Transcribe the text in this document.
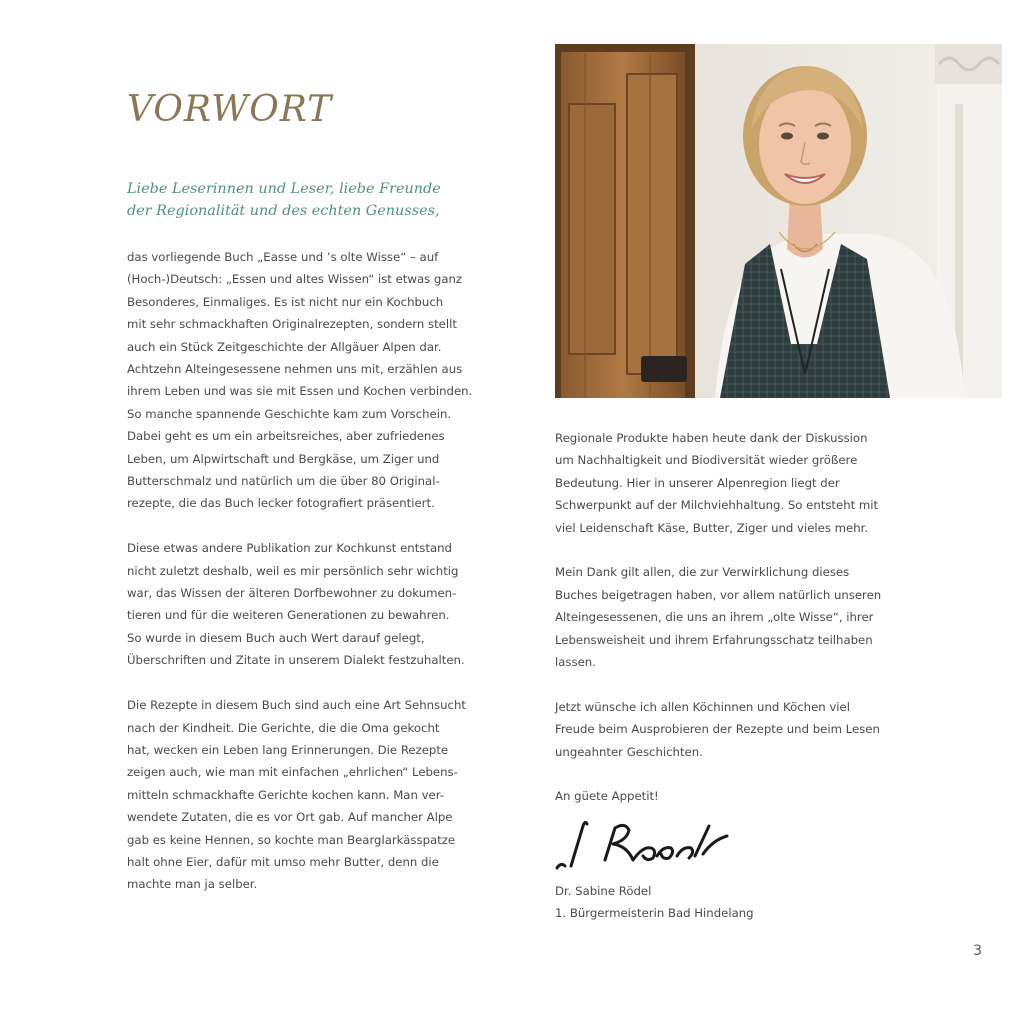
VORWORT
Liebe Leserinnen und Leser, liebe Freunde
der Regionalität und des echten Genusses,

das vorliegende Buch „Easse und ’s olte Wisse“ – auf
(Hoch-)Deutsch: „Essen und altes Wissen“ ist etwas ganz
Besonderes, Einmaliges. Es ist nicht nur ein Kochbuch
mit sehr schmackhaften Originalrezepten, sondern stellt
auch ein Stück Zeitgeschichte der Allgäuer Alpen dar.
Achtzehn Alteingesessene nehmen uns mit, erzählen aus
ihrem Leben und was sie mit Essen und Kochen verbinden.
So manche spannende Geschichte kam zum Vorschein.
Dabei geht es um ein arbeitsreiches, aber zufriedenes
Leben, um Alpwirtschaft und Bergkäse, um Ziger und
Butterschmalz und natürlich um die über 80 Original-
rezepte, die das Buch lecker fotografiert präsentiert.

Diese etwas andere Publikation zur Kochkunst entstand
nicht zuletzt deshalb, weil es mir persönlich sehr wichtig
war, das Wissen der älteren Dorfbewohner zu dokumen-
tieren und für die weiteren Generationen zu bewahren.
So wurde in diesem Buch auch Wert darauf gelegt,
Überschriften und Zitate in unserem Dialekt festzuhalten.

Die Rezepte in diesem Buch sind auch eine Art Sehnsucht
nach der Kindheit. Die Gerichte, die die Oma gekocht
hat, wecken ein Leben lang Erinnerungen. Die Rezepte
zeigen auch, wie man mit einfachen „ehrlichen“ Lebens-
mitteln schmackhafte Gerichte kochen kann. Man ver-
wendete Zutaten, die es vor Ort gab. Auf mancher Alpe
gab es keine Hennen, so kochte man Bearglarkässpatze
halt ohne Eier, dafür mit umso mehr Butter, denn die
machte man ja selber.

Regionale Produkte haben heute dank der Diskussion
um Nachhaltigkeit und Biodiversität wieder größere
Bedeutung. Hier in unserer Alpenregion liegt der
Schwerpunkt auf der Milchviehhaltung. So entsteht mit
viel Leidenschaft Käse, Butter, Ziger und vieles mehr.

Mein Dank gilt allen, die zur Verwirklichung dieses
Buches beigetragen haben, vor allem natürlich unseren
Alteingesessenen, die uns an ihrem „olte Wisse“, ihrer
Lebensweisheit und ihrem Erfahrungsschatz teilhaben
lassen.

Jetzt wünsche ich allen Köchinnen und Köchen viel
Freude beim Ausprobieren der Rezepte und beim Lesen
ungeahnter Geschichten.

An güete Appetit!

Dr. Sabine Rödel
1. Bürgermeisterin Bad Hindelang
3
